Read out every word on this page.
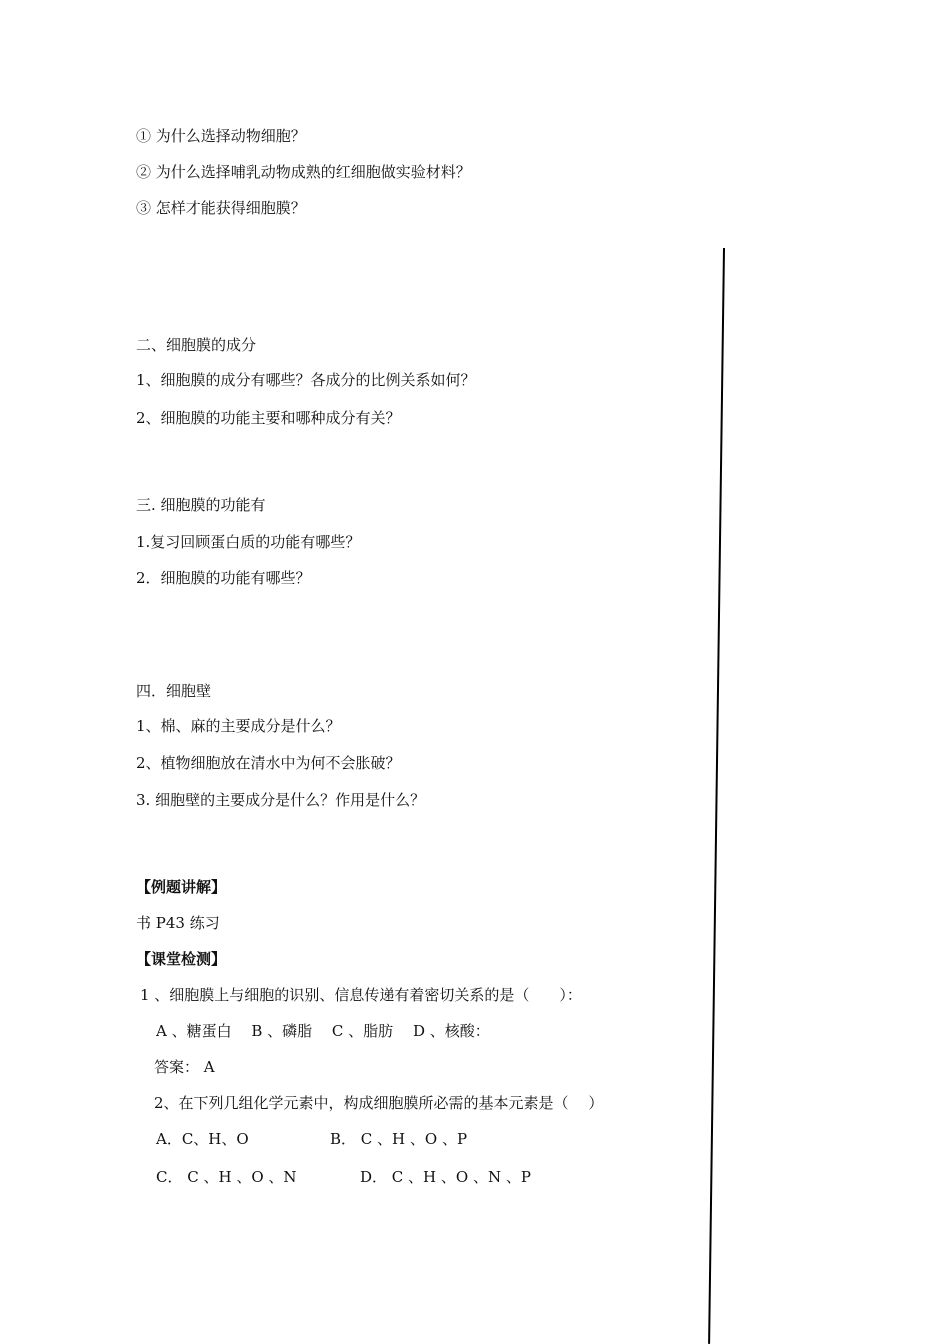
① 为什么选择动物细胞？
② 为什么选择哺乳动物成熟的红细胞做实验材料？
③ 怎样才能获得细胞膜？
二、细胞膜的成分
1、细胞膜的成分有哪些？各成分的比例关系如何？
2、细胞膜的功能主要和哪种成分有关？
三. 细胞膜的功能有
1.复习回顾蛋白质的功能有哪些？
2．细胞膜的功能有哪些？
四．细胞壁
1、棉、麻的主要成分是什么？
2、植物细胞放在清水中为何不会胀破？
3. 细胞壁的主要成分是什么？作用是什么？
【例题讲解】
书 P43 练习
【课堂检测】
1 、细胞膜上与细胞的识别、信息传递有着密切关系的是（　　）：
A 、糖蛋白　 B 、磷脂　 C 、脂肪　 D 、核酸：
答案： A
2、在下列几组化学元素中，构成细胞膜所必需的基本元素是（　 ）
A．C、H、O	B． C 、H 、O 、P
C． C 、H 、O 、N	D． C 、H 、O 、N 、P
